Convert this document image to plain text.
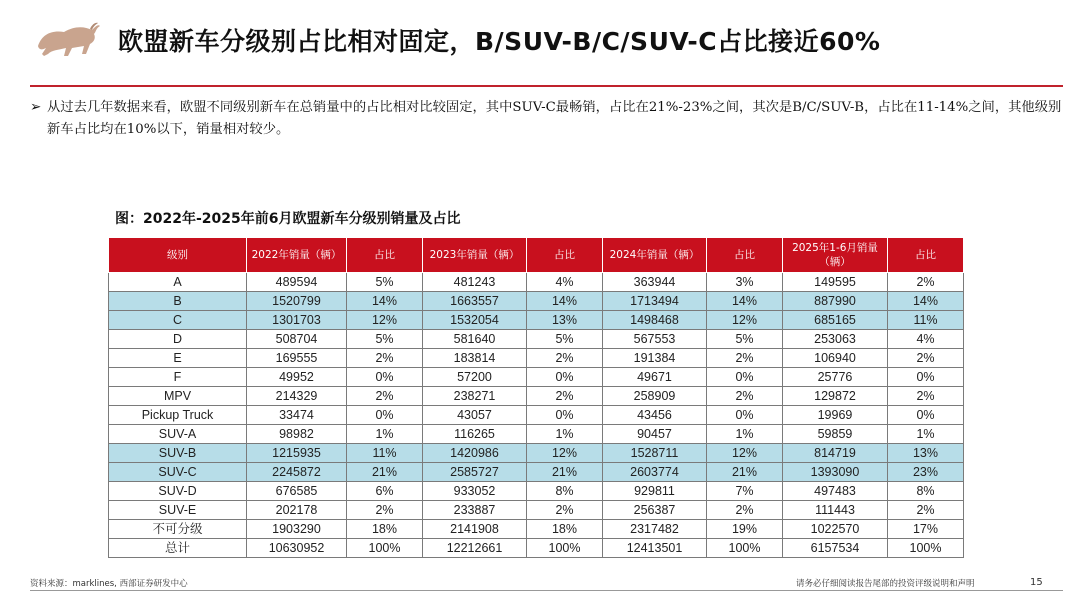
欧盟新车分级别占比相对固定，B/SUV-B/C/SUV-C占比接近60%
➢ 从过去几年数据来看，欧盟不同级别新车在总销量中的占比相对比较固定，其中SUV-C最畅销，占比在21%-23%之间，其次是B/C/SUV-B，占比在11-14%之间，其他级别新车占比均在10%以下，销量相对较少。
图：2022年-2025年前6月欧盟新车分级别销量及占比
级别	2022年销量（辆）	占比	2023年销量（辆）	占比	2024年销量（辆）	占比	2025年1-6月销量（辆）	占比
A	489594	5%	481243	4%	363944	3%	149595	2%
B	1520799	14%	1663557	14%	1713494	14%	887990	14%
C	1301703	12%	1532054	13%	1498468	12%	685165	11%
D	508704	5%	581640	5%	567553	5%	253063	4%
E	169555	2%	183814	2%	191384	2%	106940	2%
F	49952	0%	57200	0%	49671	0%	25776	0%
MPV	214329	2%	238271	2%	258909	2%	129872	2%
Pickup Truck	33474	0%	43057	0%	43456	0%	19969	0%
SUV-A	98982	1%	116265	1%	90457	1%	59859	1%
SUV-B	1215935	11%	1420986	12%	1528711	12%	814719	13%
SUV-C	2245872	21%	2585727	21%	2603774	21%	1393090	23%
SUV-D	676585	6%	933052	8%	929811	7%	497483	8%
SUV-E	202178	2%	233887	2%	256387	2%	111443	2%
不可分级	1903290	18%	2141908	18%	2317482	19%	1022570	17%
总计	10630952	100%	12212661	100%	12413501	100%	6157534	100%
资料来源：marklines, 西部证券研发中心	请务必仔细阅读报告尾部的投资评级说明和声明	15
